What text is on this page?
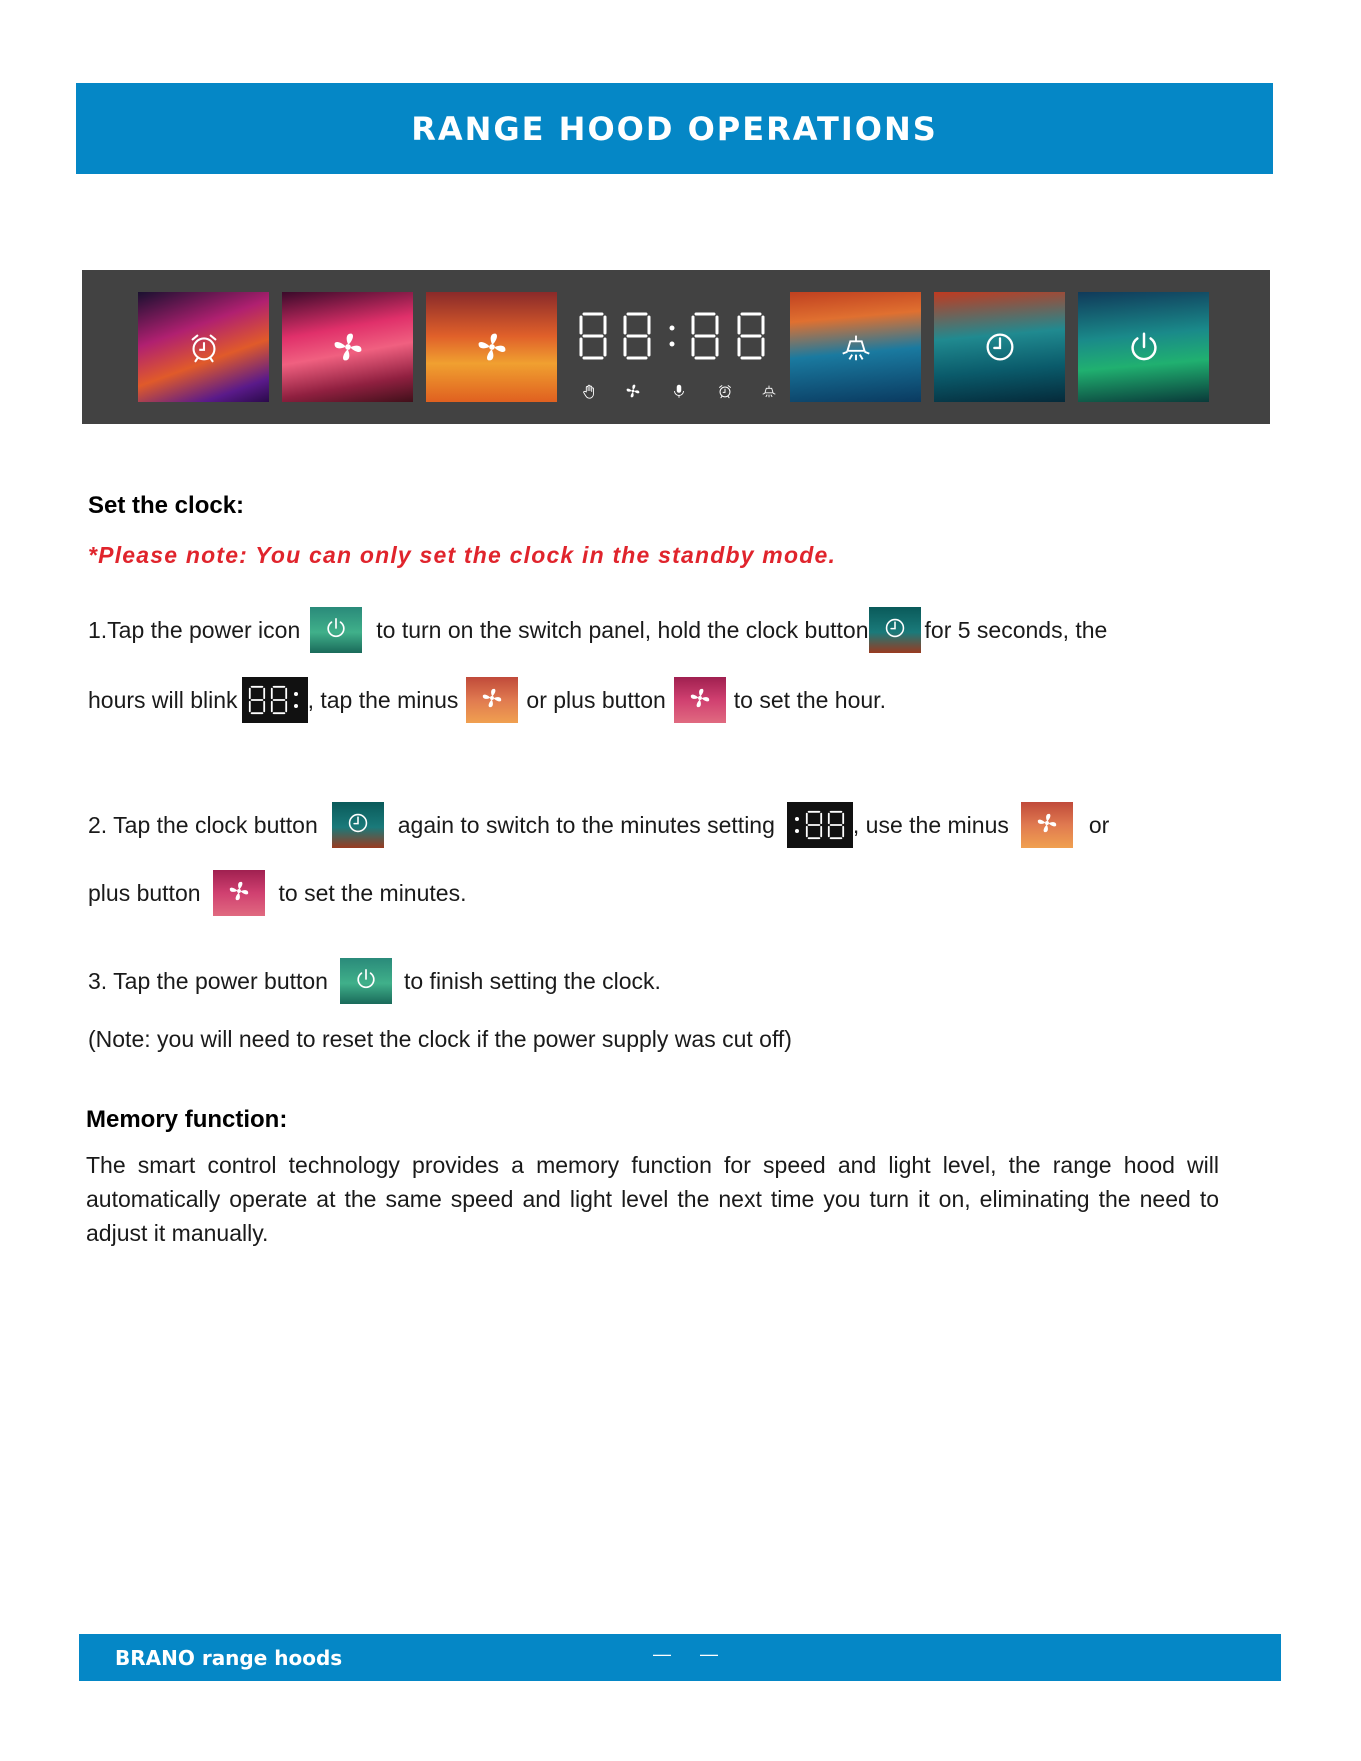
RANGE HOOD OPERATIONS
Set the clock:
*Please note: You can only set the clock in the standby mode.
1.Tap the power icon	to turn on the switch panel, hold the clock button for 5 seconds, the
hours will blink	, tap the minus	or plus button	to set the hour.
2. Tap the clock button	again to switch to the minutes setting	, use the minus	or
plus button	to set the minutes.
3. Tap the power button	to finish setting the clock.
(Note: you will need to reset the clock if the power supply was cut off)
Memory function:
The smart control technology provides a memory function for speed and light level, the range hood will automatically operate at the same speed and light level the next time you turn it on, eliminating the need to adjust it manually.
BRANO range hoods	— —
